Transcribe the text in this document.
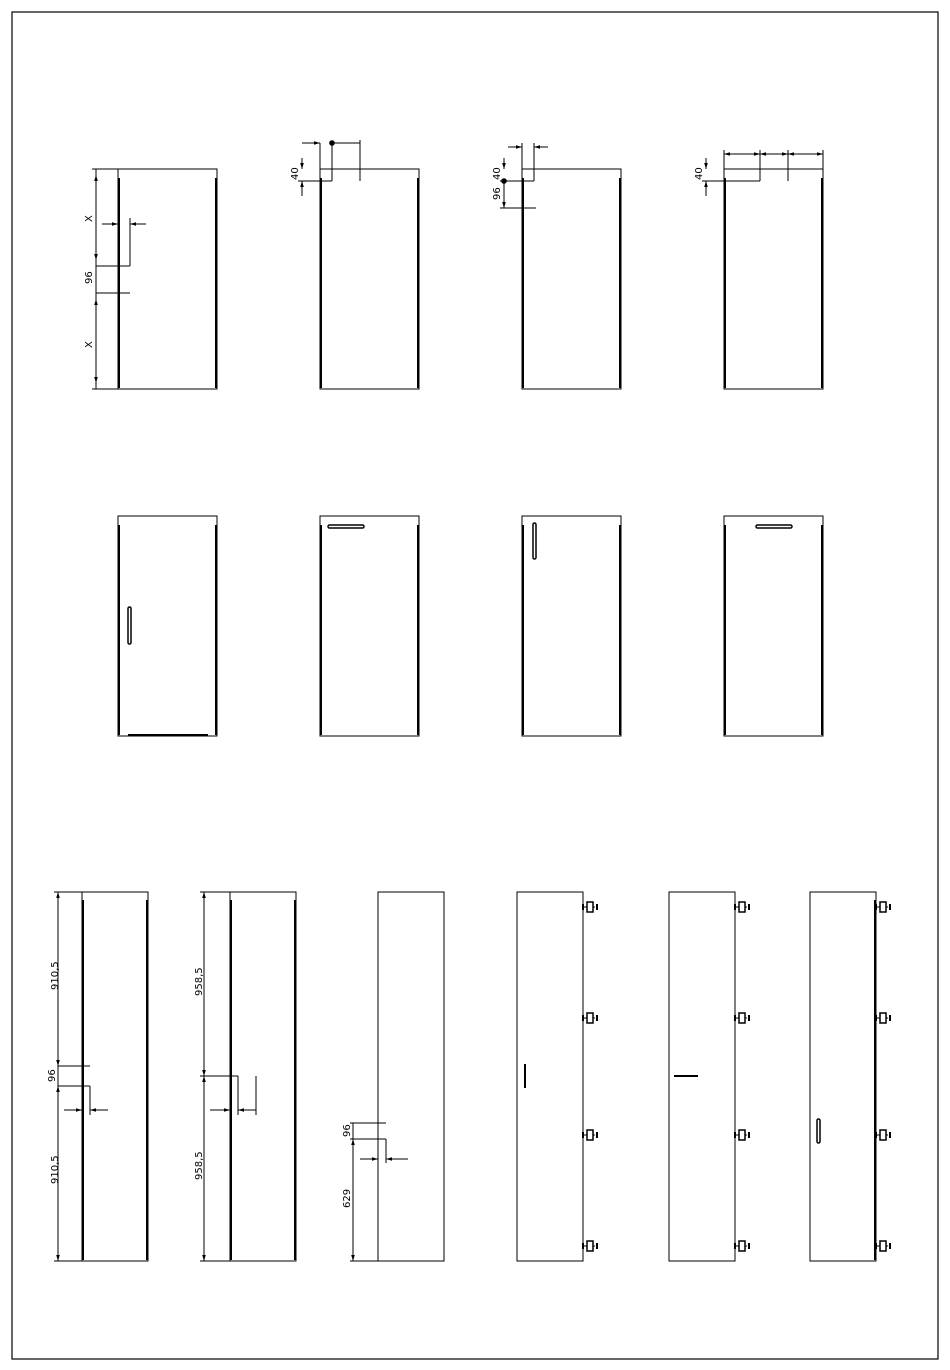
X
96
X
40	40
96
40
910,5
96
910,5
958,5
958,5
96
629
